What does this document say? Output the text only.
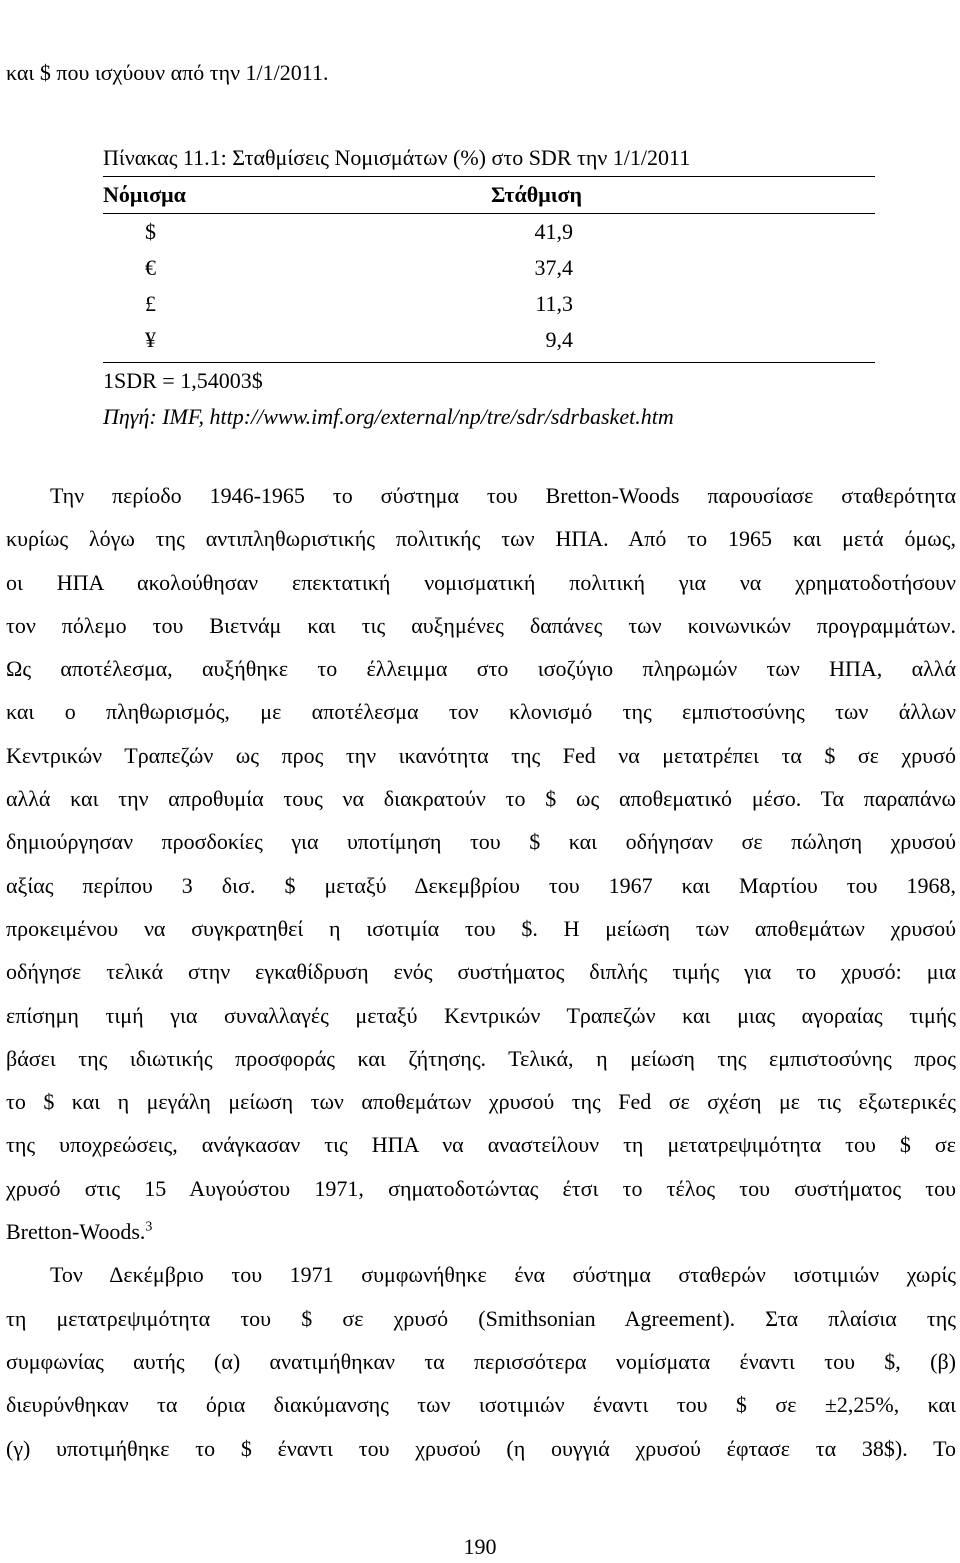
και $ που ισχύουν από την 1/1/2011.
Πίνακας 11.1: Σταθμίσεις Νομισμάτων (%) στο SDR την 1/1/2011
Νόμισμα	Στάθμιση
$	41,9
€	37,4
£	11,3
¥	9,4
1SDR = 1,54003$
Πηγή: IMF, http://www.imf.org/external/np/tre/sdr/sdrbasket.htm
Την περίοδο 1946-1965 το σύστημα του Bretton-Woods παρουσίασε σταθερότητα
κυρίως λόγω της αντιπληθωριστικής πολιτικής των ΗΠΑ. Από το 1965 και μετά όμως,
οι ΗΠΑ ακολούθησαν επεκτατική νομισματική πολιτική για να χρηματοδοτήσουν
τον πόλεμο του Βιετνάμ και τις αυξημένες δαπάνες των κοινωνικών προγραμμάτων.
Ως αποτέλεσμα, αυξήθηκε το έλλειμμα στο ισοζύγιο πληρωμών των ΗΠΑ, αλλά
και ο πληθωρισμός, με αποτέλεσμα τον κλονισμό της εμπιστοσύνης των άλλων
Κεντρικών Τραπεζών ως προς την ικανότητα της Fed να μετατρέπει τα $ σε χρυσό
αλλά και την απροθυμία τους να διακρατούν το $ ως αποθεματικό μέσο. Τα παραπάνω
δημιούργησαν προσδοκίες για υποτίμηση του $ και οδήγησαν σε πώληση χρυσού
αξίας περίπου 3 δισ. $ μεταξύ Δεκεμβρίου του 1967 και Μαρτίου του 1968,
προκειμένου να συγκρατηθεί η ισοτιμία του $. Η μείωση των αποθεμάτων χρυσού
οδήγησε τελικά στην εγκαθίδρυση ενός συστήματος διπλής τιμής για το χρυσό: μια
επίσημη τιμή για συναλλαγές μεταξύ Κεντρικών Τραπεζών και μιας αγοραίας τιμής
βάσει της ιδιωτικής προσφοράς και ζήτησης. Τελικά, η μείωση της εμπιστοσύνης προς
το $ και η μεγάλη μείωση των αποθεμάτων χρυσού της Fed σε σχέση με τις εξωτερικές
της υποχρεώσεις, ανάγκασαν τις ΗΠΑ να αναστείλουν τη μετατρεψιμότητα του $ σε
χρυσό στις 15 Αυγούστου 1971, σηματοδοτώντας έτσι το τέλος του συστήματος του
Bretton-Woods.$^3$
Τον Δεκέμβριο του 1971 συμφωνήθηκε ένα σύστημα σταθερών ισοτιμιών χωρίς
τη μετατρεψιμότητα του $ σε χρυσό (Smithsonian Agreement). Στα πλαίσια της
συμφωνίας αυτής (α) ανατιμήθηκαν τα περισσότερα νομίσματα έναντι του $, (β)
διευρύνθηκαν τα όρια διακύμανσης των ισοτιμιών έναντι του $ σε ±2,25%, και
(γ) υποτιμήθηκε το $ έναντι του χρυσού (η ουγγιά χρυσού έφτασε τα 38$). Το
190
